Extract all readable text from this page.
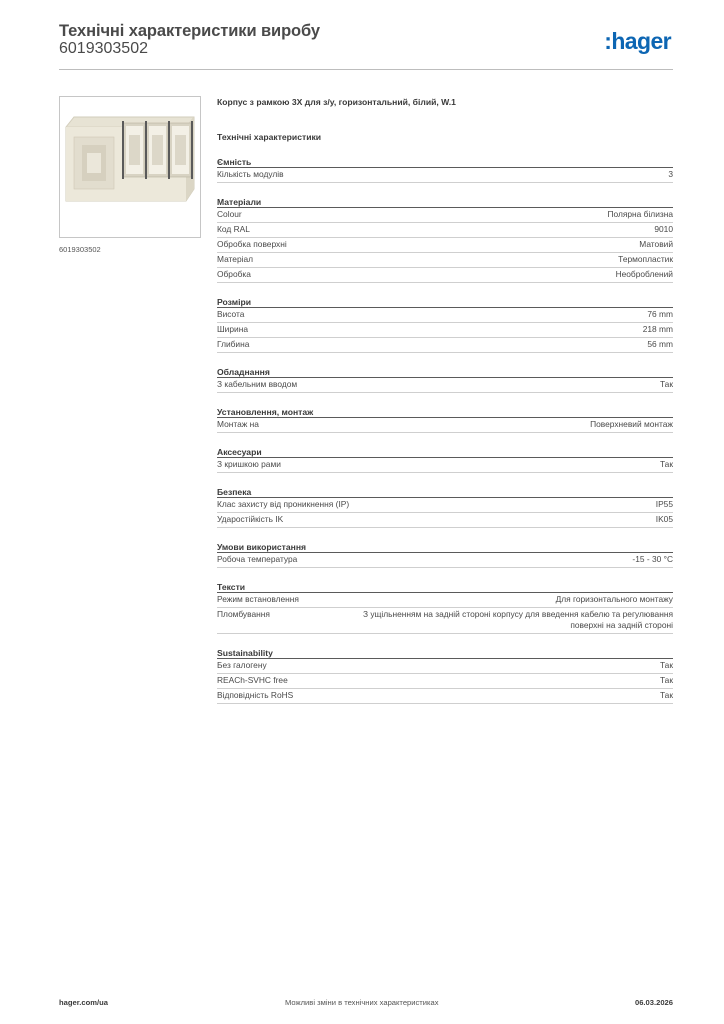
Технічні характеристики виробу
6019303502	:hager
6019303502
Корпус з рамкою 3X для з/у, горизонтальний, білий, W.1
Технічні характеристики
Ємність
Кількість модулів	3
Матеріали
Colour	Полярна білизна
Код RAL	9010
Обробка поверхні	Матовий
Матеріал	Термопластик
Обробка	Необроблений
Розміри
Висота	76 mm
Ширина	218 mm
Глибина	56 mm
Обладнання
З кабельним вводом	Так
Установлення, монтаж
Монтаж на	Поверхневий монтаж
Аксесуари
З кришкою рами	Так
Безпека
Клас захисту від проникнення (IP)	IP55
Ударостійкість IK	IK05
Умови використання
Робоча температура	-15 - 30 °C
Тексти
Режим встановлення	Для горизонтального монтажу
Пломбування	З ущільненням на задній стороні корпусу для введення кабелю та регулювання поверхні на задній стороні
Sustainability
Без галогену	Так
REACh-SVHC free	Так
Відповідність RoHS	Так
hager.com/ua	Можливі зміни в технічних характеристиках	06.03.2026
